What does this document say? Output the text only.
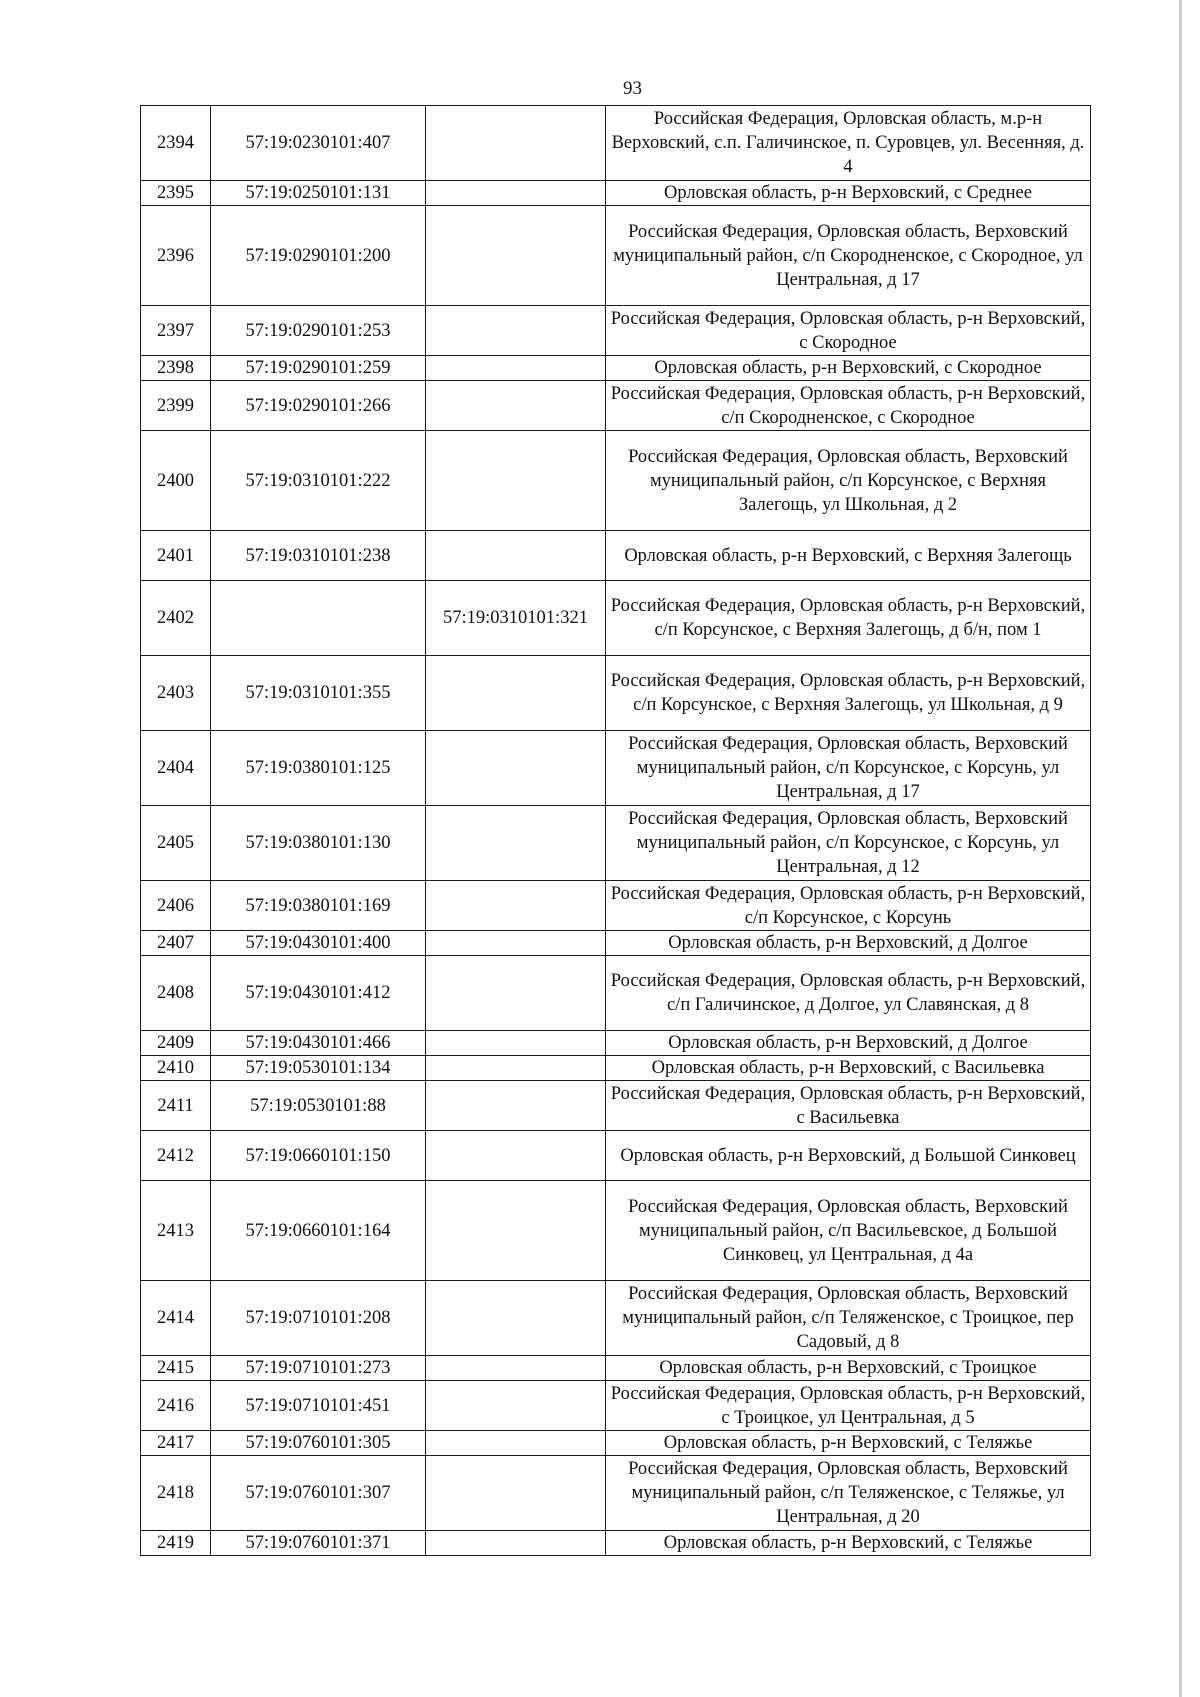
93
2394	57:19:0230101:407		Российская Федерация, Орловская область, м.р-н Верховский, с.п. Галичинское, п. Суровцев, ул. Весенняя, д. 4
2395	57:19:0250101:131		Орловская область, р-н Верховский, с Среднее
2396	57:19:0290101:200		Российская Федерация, Орловская область, Верховский муниципальный район, с/п Скородненское, с Скородное, ул Центральная, д 17
2397	57:19:0290101:253		Российская Федерация, Орловская область, р-н Верховский, с Скородное
2398	57:19:0290101:259		Орловская область, р-н Верховский, с Скородное
2399	57:19:0290101:266		Российская Федерация, Орловская область, р-н Верховский, с/п Скородненское, с Скородное
2400	57:19:0310101:222		Российская Федерация, Орловская область, Верховский муниципальный район, с/п Корсунское, с Верхняя Залегощь, ул Школьная, д 2
2401	57:19:0310101:238		Орловская область, р-н Верховский, с Верхняя Залегощь
2402		57:19:0310101:321	Российская Федерация, Орловская область, р-н Верховский, с/п Корсунское, с Верхняя Залегощь, д б/н, пом 1
2403	57:19:0310101:355		Российская Федерация, Орловская область, р-н Верховский, с/п Корсунское, с Верхняя Залегощь, ул Школьная, д 9
2404	57:19:0380101:125		Российская Федерация, Орловская область, Верховский муниципальный район, с/п Корсунское, с Корсунь, ул Центральная, д 17
2405	57:19:0380101:130		Российская Федерация, Орловская область, Верховский муниципальный район, с/п Корсунское, с Корсунь, ул Центральная, д 12
2406	57:19:0380101:169		Российская Федерация, Орловская область, р-н Верховский, с/п Корсунское, с Корсунь
2407	57:19:0430101:400		Орловская область, р-н Верховский, д Долгое
2408	57:19:0430101:412		Российская Федерация, Орловская область, р-н Верховский, с/п Галичинское, д Долгое, ул Славянская, д 8
2409	57:19:0430101:466		Орловская область, р-н Верховский, д Долгое
2410	57:19:0530101:134		Орловская область, р-н Верховский, с Васильевка
2411	57:19:0530101:88		Российская Федерация, Орловская область, р-н Верховский, с Васильевка
2412	57:19:0660101:150		Орловская область, р-н Верховский, д Большой Синковец
2413	57:19:0660101:164		Российская Федерация, Орловская область, Верховский муниципальный район, с/п Васильевское, д Большой Синковец, ул Центральная, д 4а
2414	57:19:0710101:208		Российская Федерация, Орловская область, Верховский муниципальный район, с/п Теляженское, с Троицкое, пер Садовый, д 8
2415	57:19:0710101:273		Орловская область, р-н Верховский, с Троицкое
2416	57:19:0710101:451		Российская Федерация, Орловская область, р-н Верховский, с Троицкое, ул Центральная, д 5
2417	57:19:0760101:305		Орловская область, р-н Верховский, с Теляжье
2418	57:19:0760101:307		Российская Федерация, Орловская область, Верховский муниципальный район, с/п Теляженское, с Теляжье, ул Центральная, д 20
2419	57:19:0760101:371		Орловская область, р-н Верховский, с Теляжье
